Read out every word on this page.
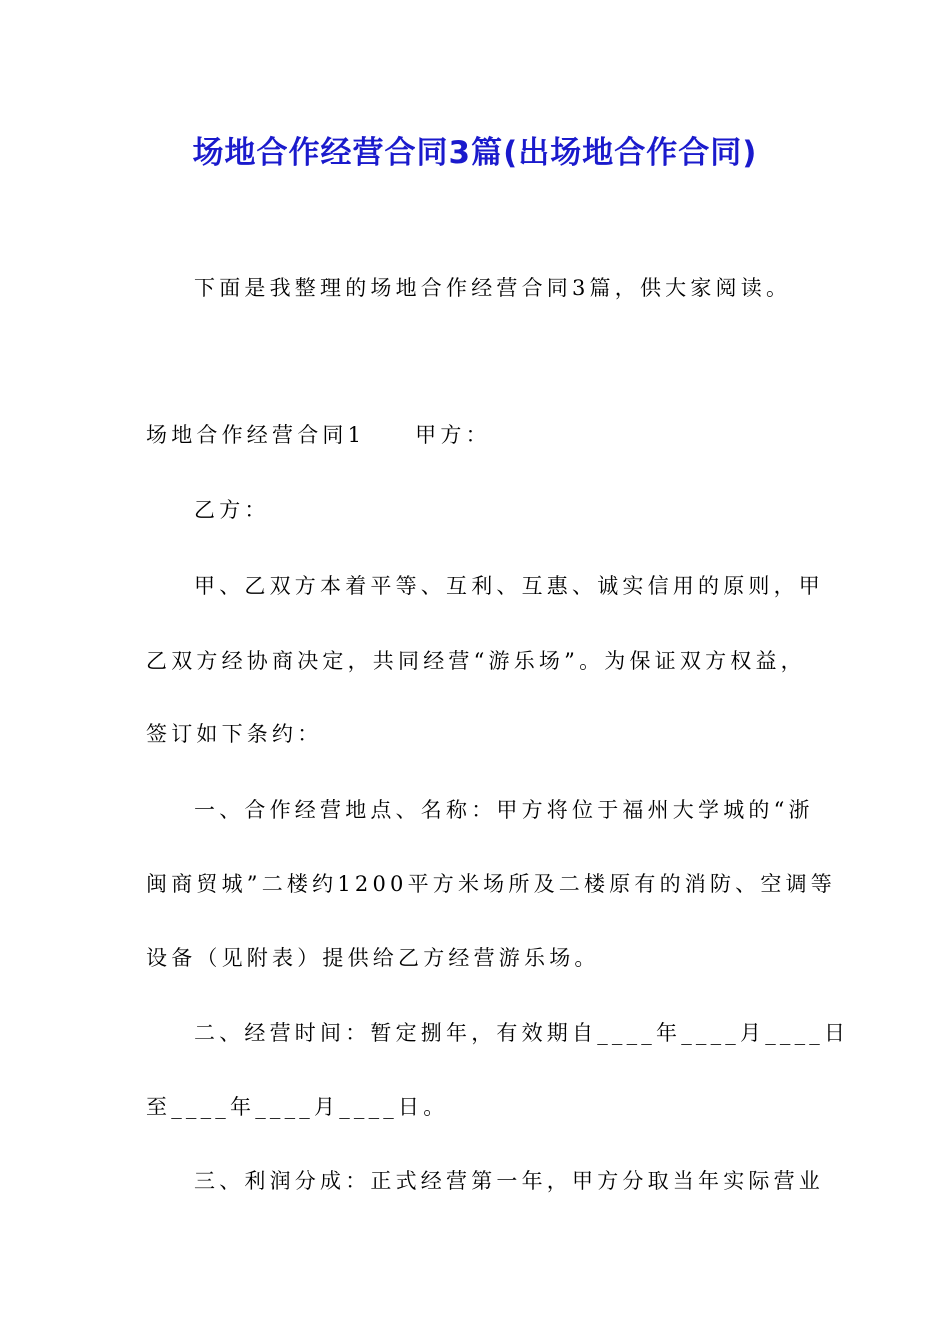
场地合作经营合同3篇(出场地合作合同)
下面是我整理的场地合作经营合同3篇，供大家阅读。
场地合作经营合同1 甲方：
乙方：
甲、乙双方本着平等、互利、互惠、诚实信用的原则，甲
乙双方经协商决定，共同经营“游乐场”。为保证双方权益，
签订如下条约：
一、合作经营地点、名称：甲方将位于福州大学城的“浙
闽商贸城”二楼约1200平方米场所及二楼原有的消防、空调等
设备（见附表）提供给乙方经营游乐场。
二、经营时间：暂定捌年，有效期自____年____月____日
至____年____月____日。
三、利润分成：正式经营第一年，甲方分取当年实际营业
